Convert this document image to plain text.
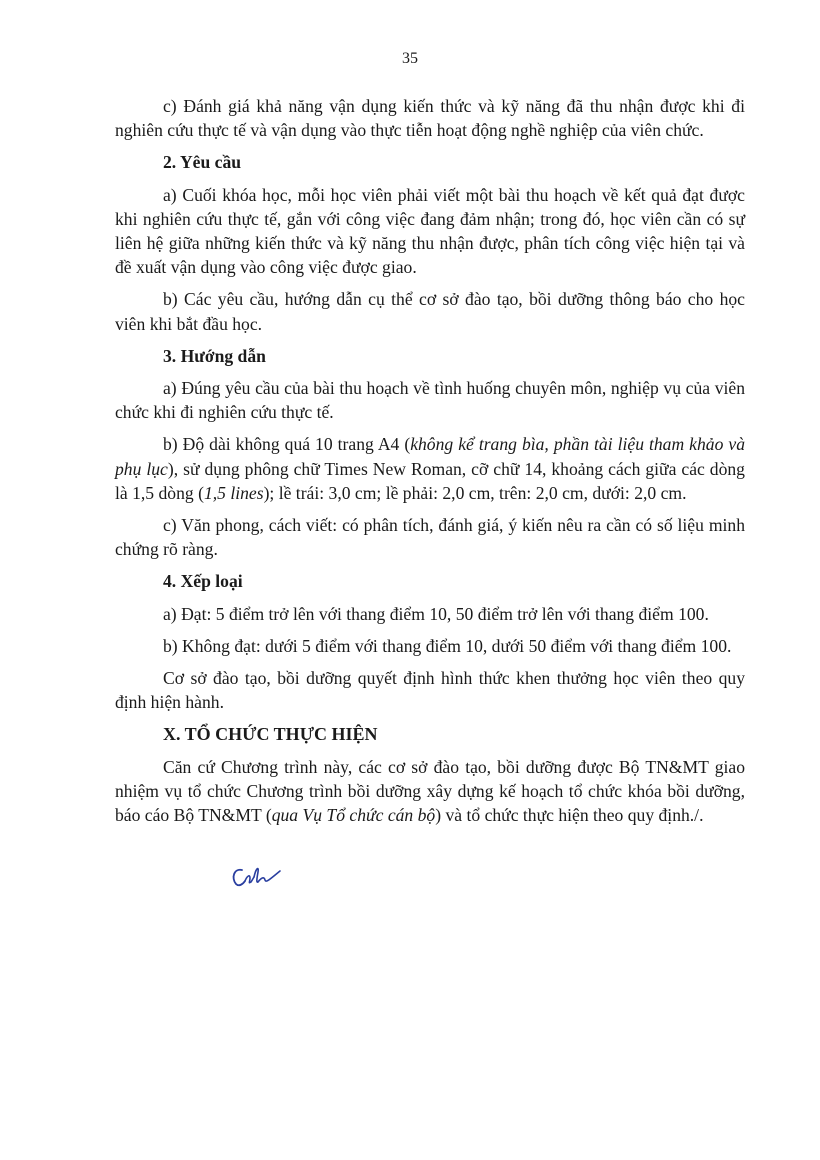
35

c) Đánh giá khả năng vận dụng kiến thức và kỹ năng đã thu nhận được khi đi nghiên cứu thực tế và vận dụng vào thực tiễn hoạt động nghề nghiệp của viên chức.

2. Yêu cầu

a) Cuối khóa học, mỗi học viên phải viết một bài thu hoạch về kết quả đạt được khi nghiên cứu thực tế, gắn với công việc đang đảm nhận; trong đó, học viên cần có sự liên hệ giữa những kiến thức và kỹ năng thu nhận được, phân tích công việc hiện tại và đề xuất vận dụng vào công việc được giao.

b) Các yêu cầu, hướng dẫn cụ thể cơ sở đào tạo, bồi dưỡng thông báo cho học viên khi bắt đầu học.

3. Hướng dẫn

a) Đúng yêu cầu của bài thu hoạch về tình huống chuyên môn, nghiệp vụ của viên chức khi đi nghiên cứu thực tế.

b) Độ dài không quá 10 trang A4 (không kể trang bìa, phần tài liệu tham khảo và phụ lục), sử dụng phông chữ Times New Roman, cỡ chữ 14, khoảng cách giữa các dòng là 1,5 dòng (1,5 lines); lề trái: 3,0 cm; lề phải: 2,0 cm, trên: 2,0 cm, dưới: 2,0 cm.

c) Văn phong, cách viết: có phân tích, đánh giá, ý kiến nêu ra cần có số liệu minh chứng rõ ràng.

4. Xếp loại

a) Đạt: 5 điểm trở lên với thang điểm 10, 50 điểm trở lên với thang điểm 100.

b) Không đạt: dưới 5 điểm với thang điểm 10, dưới 50 điểm với thang điểm 100.

Cơ sở đào tạo, bồi dưỡng quyết định hình thức khen thưởng học viên theo quy định hiện hành.

X. TỔ CHỨC THỰC HIỆN

Căn cứ Chương trình này, các cơ sở đào tạo, bồi dưỡng được Bộ TN&MT giao nhiệm vụ tổ chức Chương trình bồi dưỡng xây dựng kế hoạch tổ chức khóa bồi dưỡng, báo cáo Bộ TN&MT (qua Vụ Tổ chức cán bộ) và tổ chức thực hiện theo quy định./.
